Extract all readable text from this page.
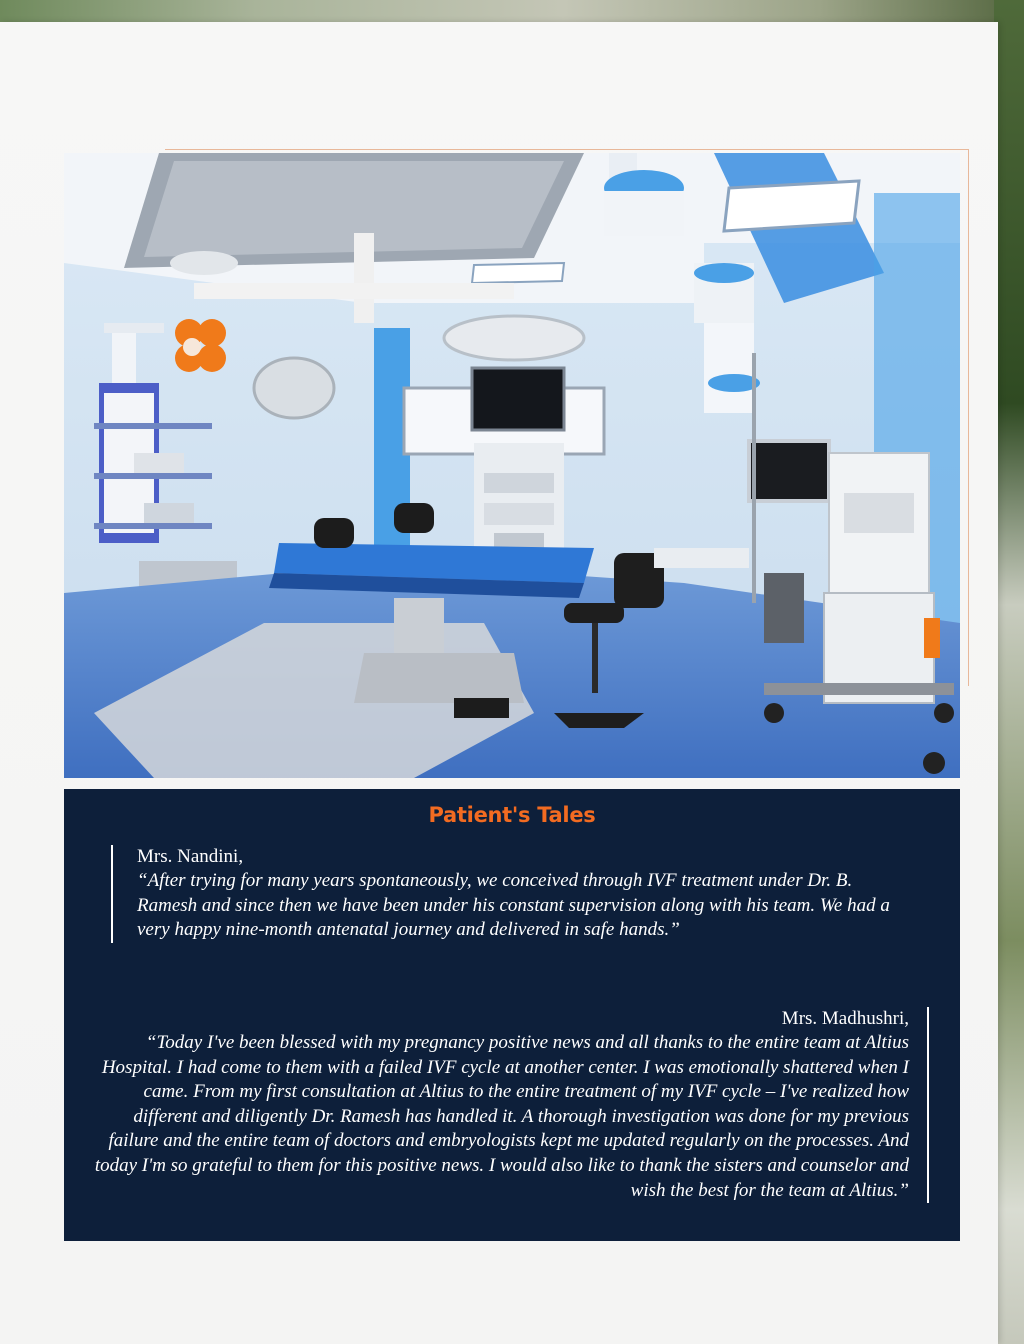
Patient's Tales
Mrs. Nandini,
“After trying for many years spontaneously, we conceived through IVF treatment under Dr. B. Ramesh and since then we have been under his constant supervision along with his team. We had a very happy nine-month antenatal journey and delivered in safe hands.”
Mrs. Madhushri,
“Today I've been blessed with my pregnancy positive news and all thanks to the entire team at Altius Hospital. I had come to them with a failed IVF cycle at another center. I was emotionally shattered when I came. From my first consultation at Altius to the entire treatment of my IVF cycle – I've realized how different and diligently Dr. Ramesh has handled it. A thorough investigation was done for my previous failure and the entire team of doctors and embryologists kept me updated regularly on the processes. And today I'm so grateful to them for this positive news. I would also like to thank the sisters and counselor and wish the best for the team at Altius.”
